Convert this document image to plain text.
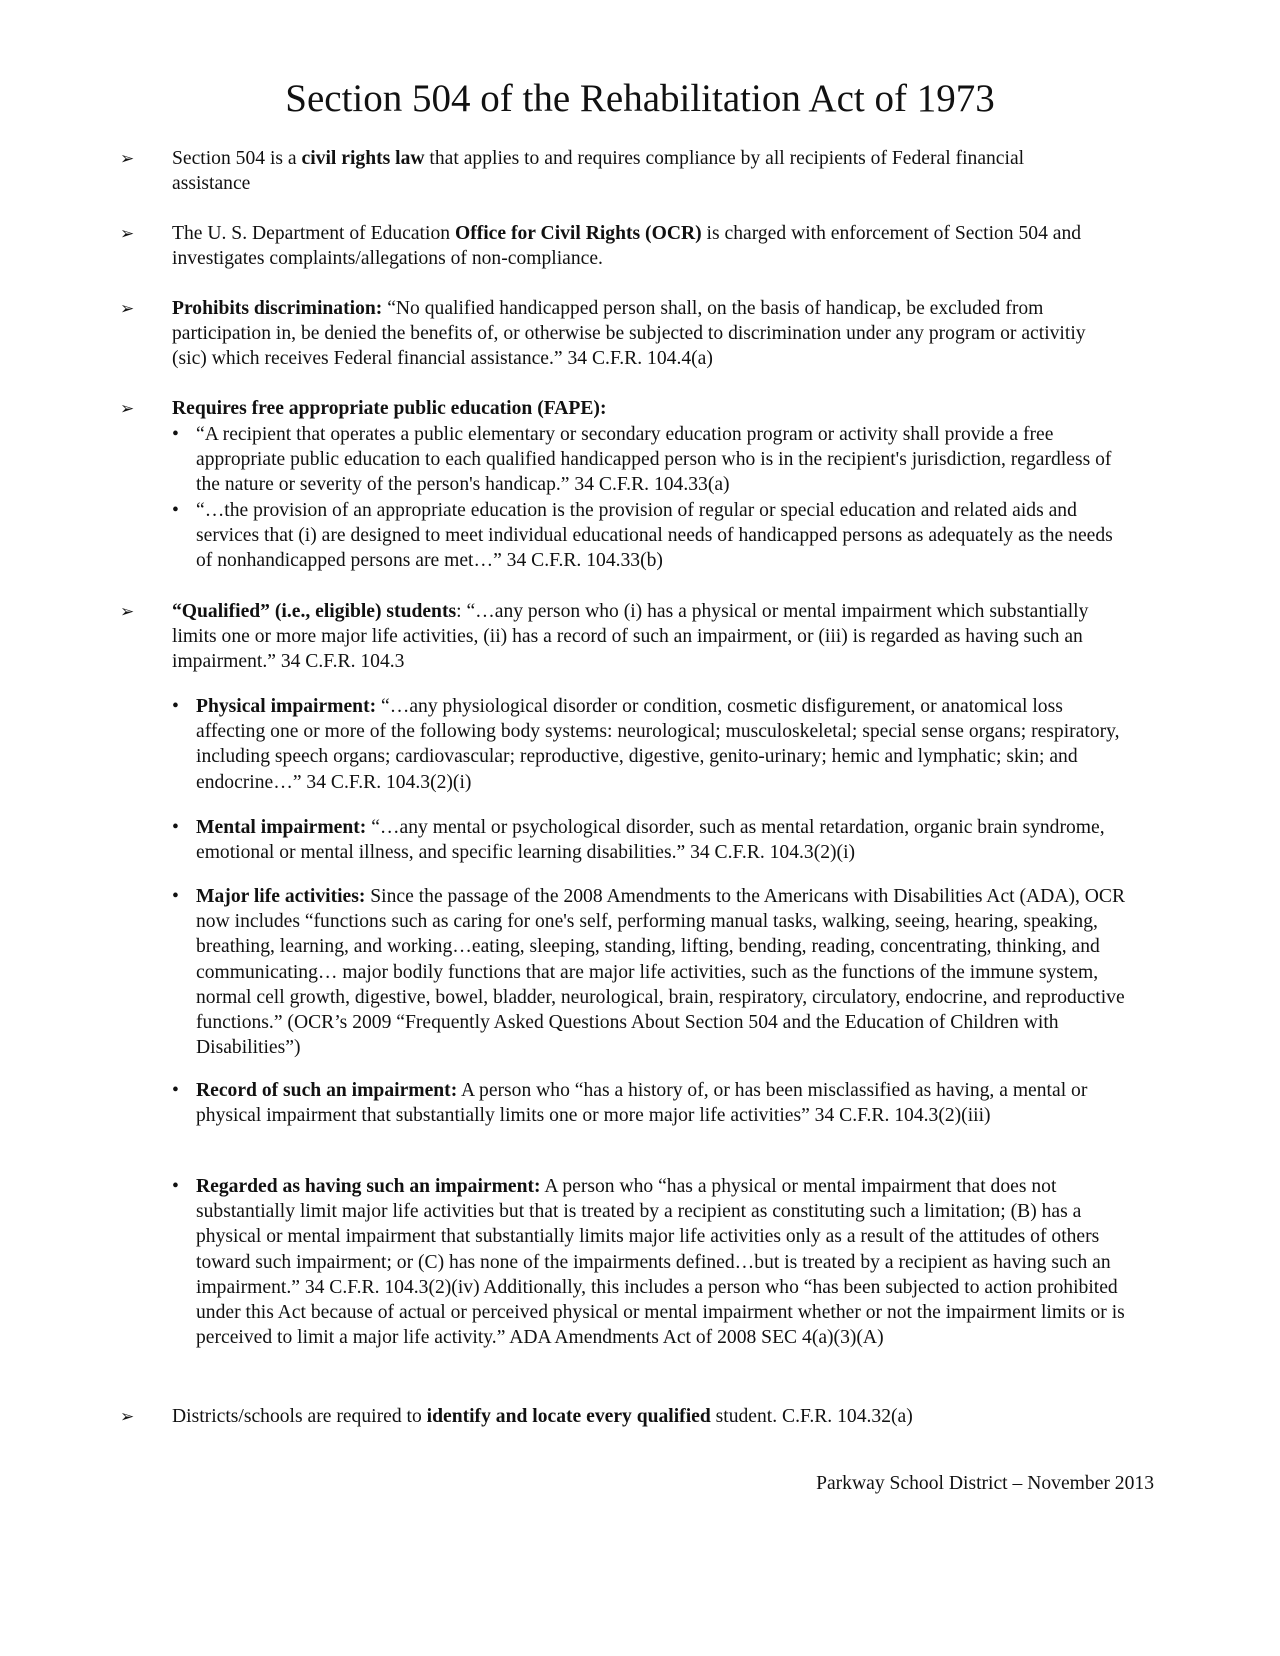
Section 504 of the Rehabilitation Act of 1973
➢ Section 504 is a civil rights law that applies to and requires compliance by all recipients of Federal financial assistance
➢ The U. S. Department of Education Office for Civil Rights (OCR) is charged with enforcement of Section 504 and investigates complaints/allegations of non-compliance.
➢ Prohibits discrimination: “No qualified handicapped person shall, on the basis of handicap, be excluded from participation in, be denied the benefits of, or otherwise be subjected to discrimination under any program or activitiy (sic) which receives Federal financial assistance.” 34 C.F.R. 104.4(a)
➢ Requires free appropriate public education (FAPE):
➢ “Qualified” (i.e., eligible) students: “…any person who (i) has a physical or mental impairment which substantially limits one or more major life activities, (ii) has a record of such an impairment, or (iii) is regarded as having such an impairment.” 34 C.F.R. 104.3
➢ Districts/schools are required to identify and locate every qualified student. C.F.R. 104.32(a)
• “A recipient that operates a public elementary or secondary education program or activity shall provide a free appropriate public education to each qualified handicapped person who is in the recipient's jurisdiction, regardless of the nature or severity of the person's handicap.” 34 C.F.R. 104.33(a)
• “…the provision of an appropriate education is the provision of regular or special education and related aids and services that (i) are designed to meet individual educational needs of handicapped persons as adequately as the needs of nonhandicapped persons are met…” 34 C.F.R. 104.33(b)
• Physical impairment: “…any physiological disorder or condition, cosmetic disfigurement, or anatomical loss affecting one or more of the following body systems: neurological; musculoskeletal; special sense organs; respiratory, including speech organs; cardiovascular; reproductive, digestive, genito-urinary; hemic and lymphatic; skin; and endocrine…” 34 C.F.R. 104.3(2)(i)
• Mental impairment: “…any mental or psychological disorder, such as mental retardation, organic brain syndrome, emotional or mental illness, and specific learning disabilities.” 34 C.F.R. 104.3(2)(i)
• Major life activities: Since the passage of the 2008 Amendments to the Americans with Disabilities Act (ADA), OCR now includes “functions such as caring for one's self, performing manual tasks, walking, seeing, hearing, speaking, breathing, learning, and working…eating, sleeping, standing, lifting, bending, reading, concentrating, thinking, and communicating… major bodily functions that are major life activities, such as the functions of the immune system, normal cell growth, digestive, bowel, bladder, neurological, brain, respiratory, circulatory, endocrine, and reproductive functions.” (OCR’s 2009 “Frequently Asked Questions About Section 504 and the Education of Children with Disabilities”)
• Record of such an impairment: A person who “has a history of, or has been misclassified as having, a mental or physical impairment that substantially limits one or more major life activities” 34 C.F.R. 104.3(2)(iii)
• Regarded as having such an impairment: A person who “has a physical or mental impairment that does not substantially limit major life activities but that is treated by a recipient as constituting such a limitation; (B) has a physical or mental impairment that substantially limits major life activities only as a result of the attitudes of others toward such impairment; or (C) has none of the impairments defined…but is treated by a recipient as having such an impairment.” 34 C.F.R. 104.3(2)(iv) Additionally, this includes a person who “has been subjected to action prohibited under this Act because of actual or perceived physical or mental impairment whether or not the impairment limits or is perceived to limit a major life activity.” ADA Amendments Act of 2008 SEC 4(a)(3)(A)
Parkway School District – November 2013
